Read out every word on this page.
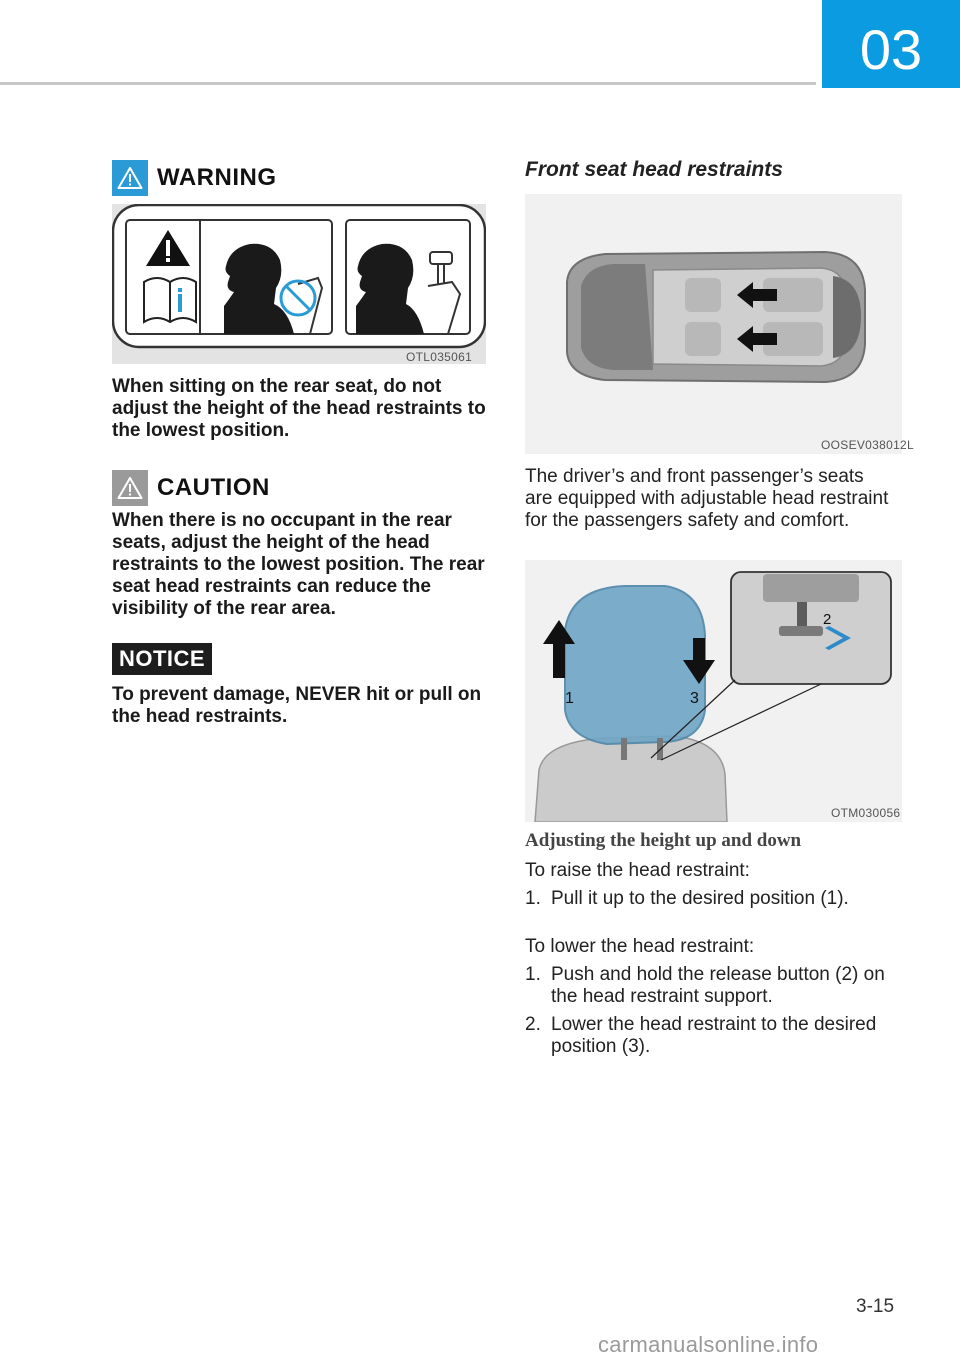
03
WARNING
OTL035061

When sitting on the rear seat, do not adjust the height of the head restraints to the lowest position.

CAUTION

When there is no occupant in the rear seats, adjust the height of the head restraints to the lowest position. The rear seat head restraints can reduce the visibility of the rear area.

NOTICE

To prevent damage, NEVER hit or pull on the head restraints.

Front seat head restraints
OOSEV038012L

The driver’s and front passenger’s seats are equipped with adjustable head restraint for the passengers safety and comfort.

1	3
2
OTM030056
Adjusting the height up and down

To raise the head restraint:

1. Pull it up to the desired position (1).

To lower the head restraint:

1. Push and hold the release button (2) on the head restraint support.
2. Lower the head restraint to the desired position (3).
3-15
carmanualsonline.info
